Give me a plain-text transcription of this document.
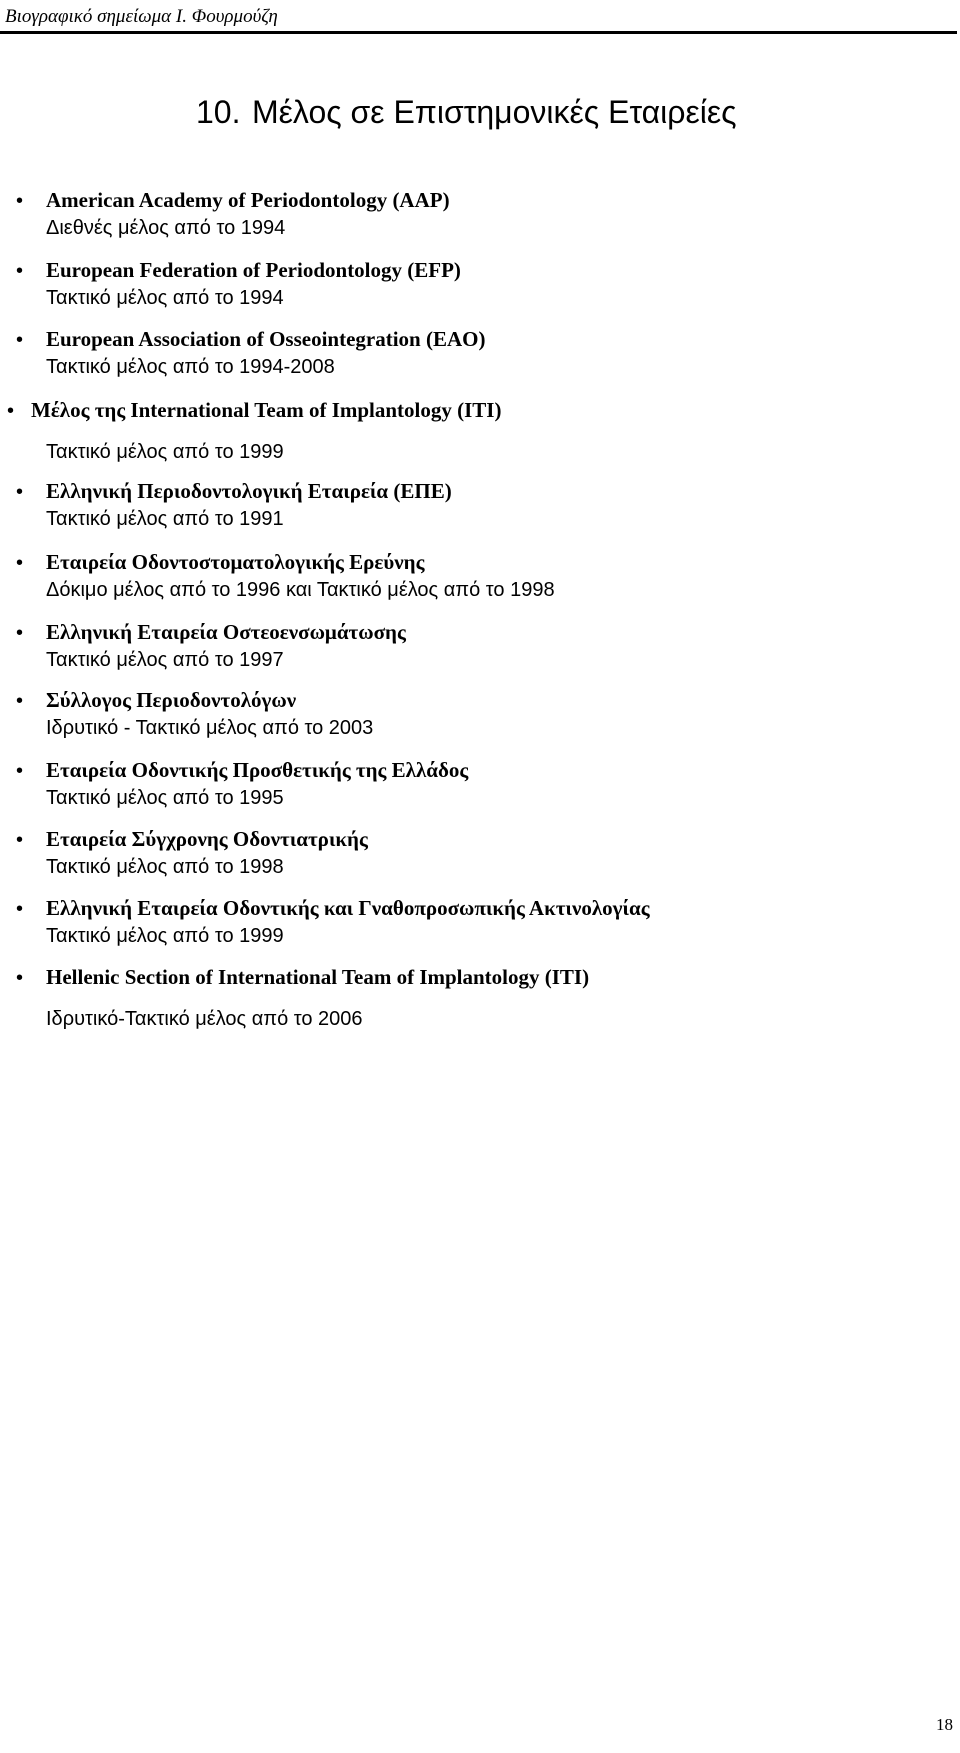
Βιογραφικό σημείωμα Ι. Φουρμούζη
10. Μέλος σε Επιστημονικές Εταιρείες
• American Academy of Periodontology (AAP)
Διεθνές μέλος από το 1994
• European Federation of Periodontology (EFP)
Τακτικό μέλος από το 1994
• European Association of Osseointegration (EAO)
Τακτικό μέλος από το 1994-2008
• Μέλος της International Team of Implantology (ITI)
Τακτικό μέλος από το 1999
• Ελληνική Περιοδοντολογική Εταιρεία (ΕΠΕ)
Τακτικό μέλος από το 1991
• Εταιρεία Οδοντοστοματολογικής Ερεύνης
Δόκιμο μέλος από το 1996 και Τακτικό μέλος από το 1998
• Ελληνική Εταιρεία Οστεοενσωμάτωσης
Τακτικό μέλος από το 1997
• Σύλλογος Περιοδοντολόγων
Ιδρυτικό - Τακτικό μέλος από το 2003
• Εταιρεία Οδοντικής Προσθετικής της Ελλάδος
Τακτικό μέλος από το 1995
• Εταιρεία Σύγχρονης Οδοντιατρικής
Τακτικό μέλος από το 1998
• Ελληνική Εταιρεία Οδοντικής και Γναθοπροσωπικής Ακτινολογίας
Τακτικό μέλος από το 1999
• Hellenic Section of International Team of Implantology (ITI)
Ιδρυτικό-Τακτικό μέλος από το 2006
18
